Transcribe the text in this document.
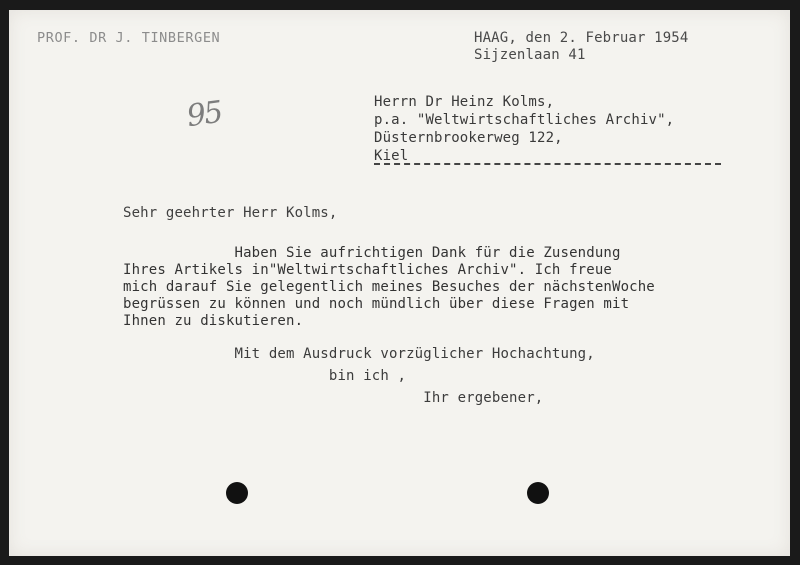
PROF. DR J. TINBERGEN	HAAG, den 2. Februar 1954
Sijzenlaan 41
95	Herrn Dr Heinz Kolms,
p.a. "Weltwirtschaftliches Archiv",
Düsternbrookerweg 122,
Kiel
Sehr geehrter Herr Kolms,
Haben Sie aufrichtigen Dank für die Zusendung
Ihres Artikels in"Weltwirtschaftliches Archiv". Ich freue
mich darauf Sie gelegentlich meines Besuches der nächstenWoche
begrüssen zu können und noch mündlich über diese Fragen mit
Ihnen zu diskutieren.
Mit dem Ausdruck vorzüglicher Hochachtung,
bin ich ,
Ihr ergebener,
